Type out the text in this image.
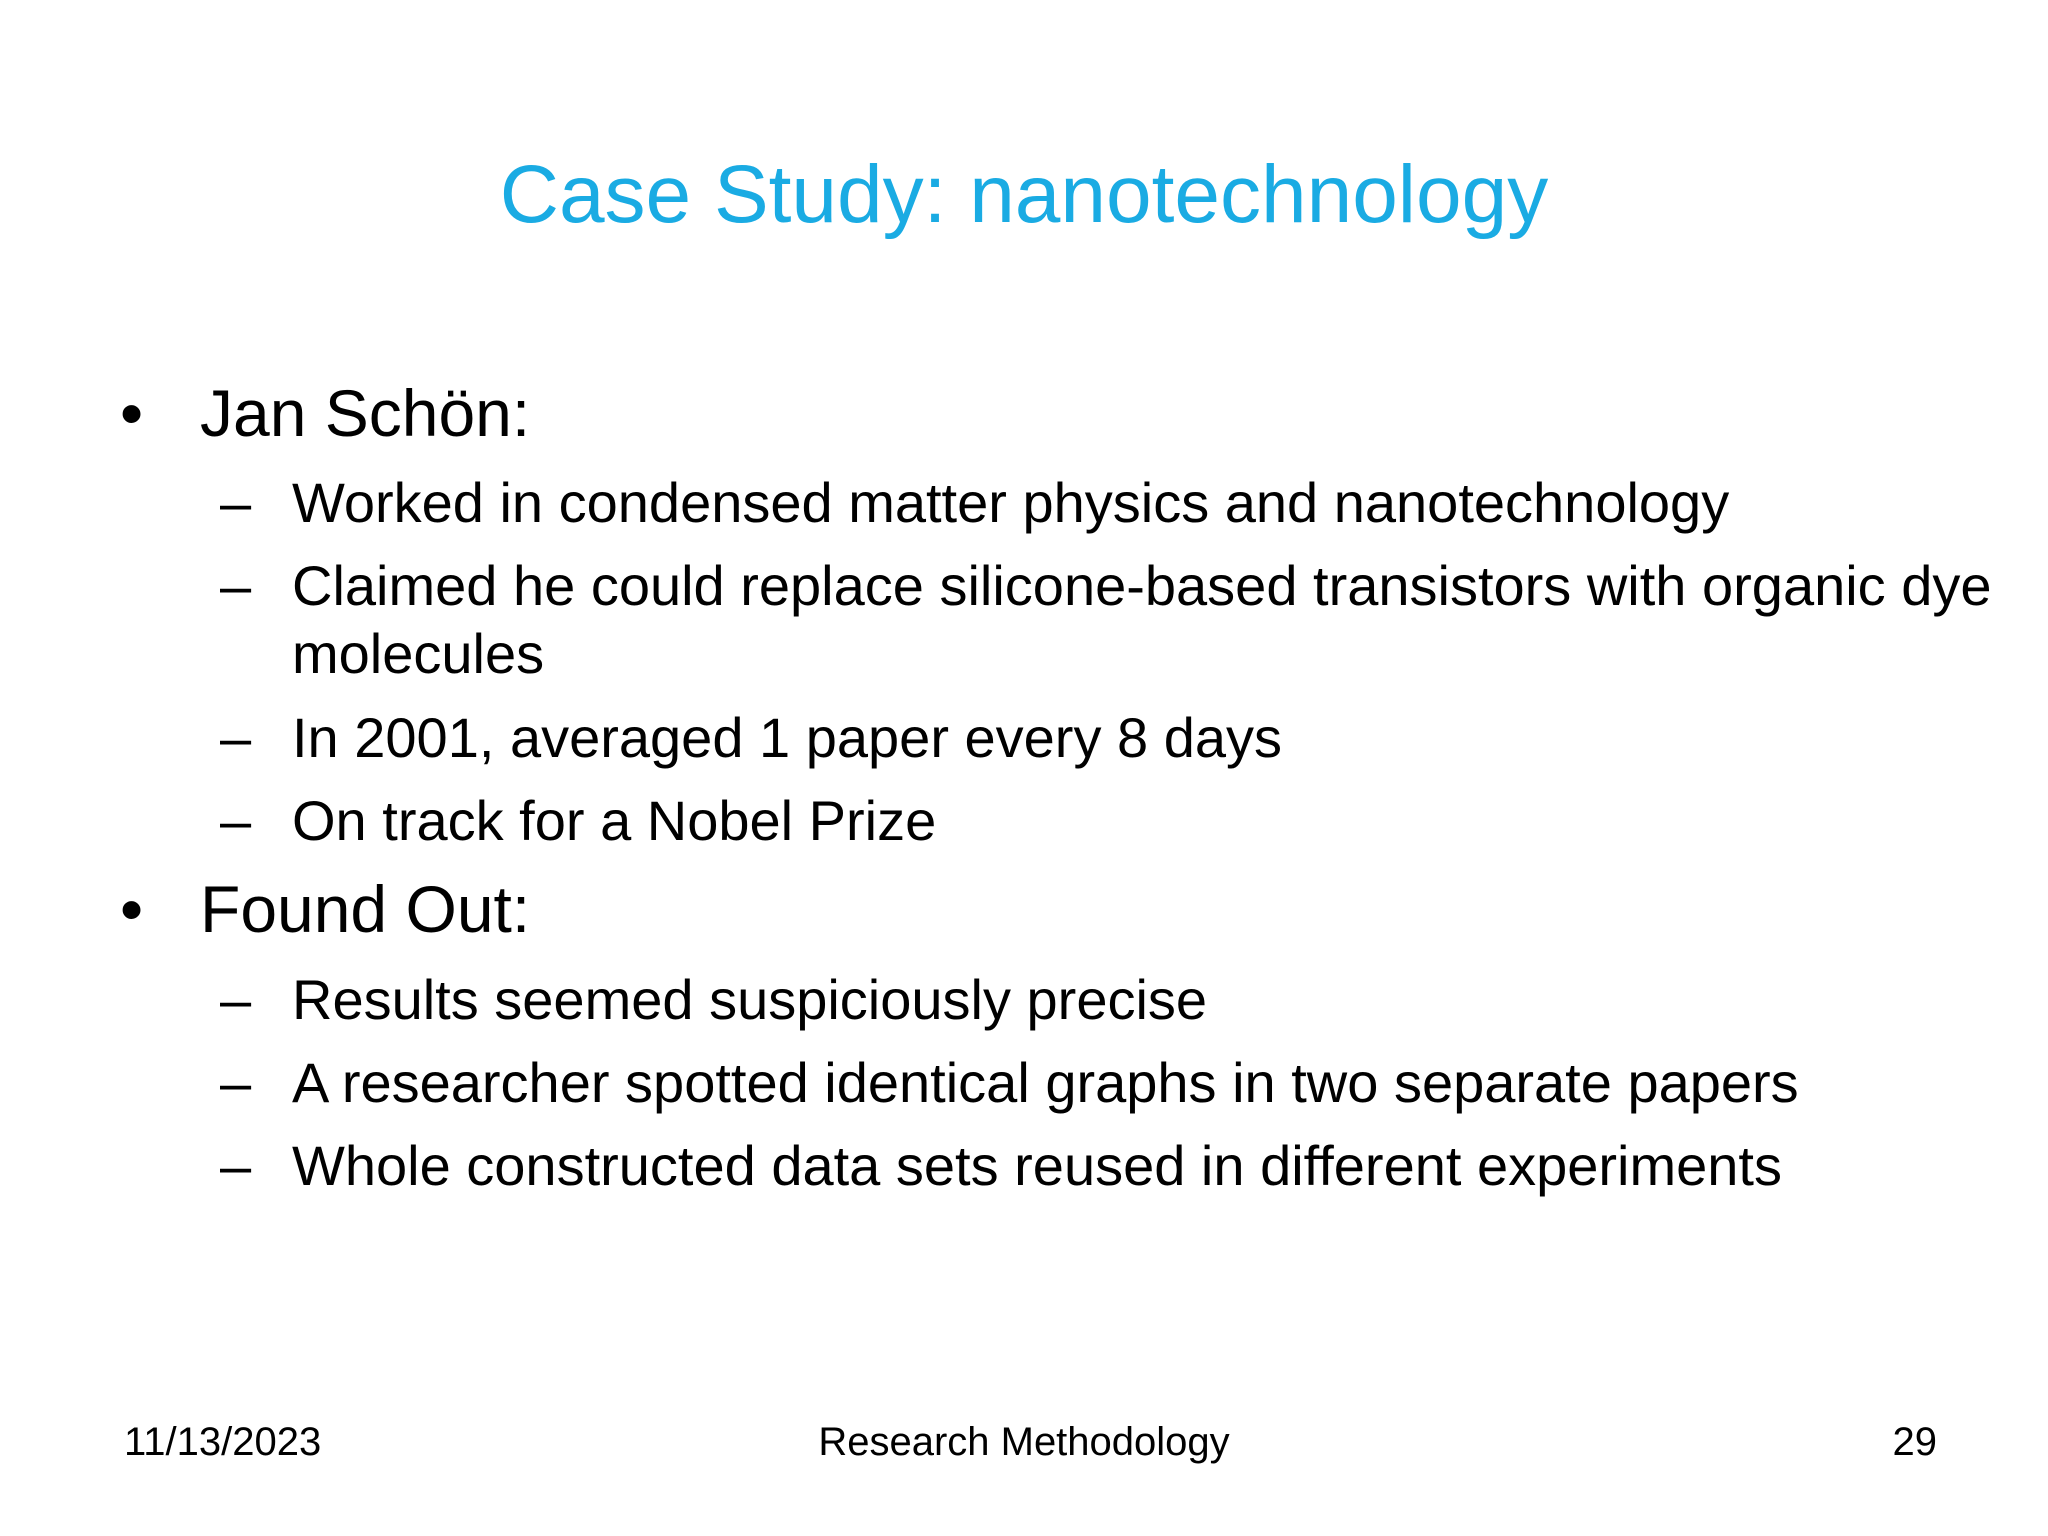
Case Study: nanotechnology
• Jan Schön:
– Worked in condensed matter physics and nanotechnology
– Claimed he could replace silicone-based transistors with organic dye molecules
– In 2001, averaged 1 paper every 8 days
– On track for a Nobel Prize
• Found Out:
– Results seemed suspiciously precise
– A researcher spotted identical graphs in two separate papers
– Whole constructed data sets reused in different experiments
11/13/2023	Research Methodology	29
